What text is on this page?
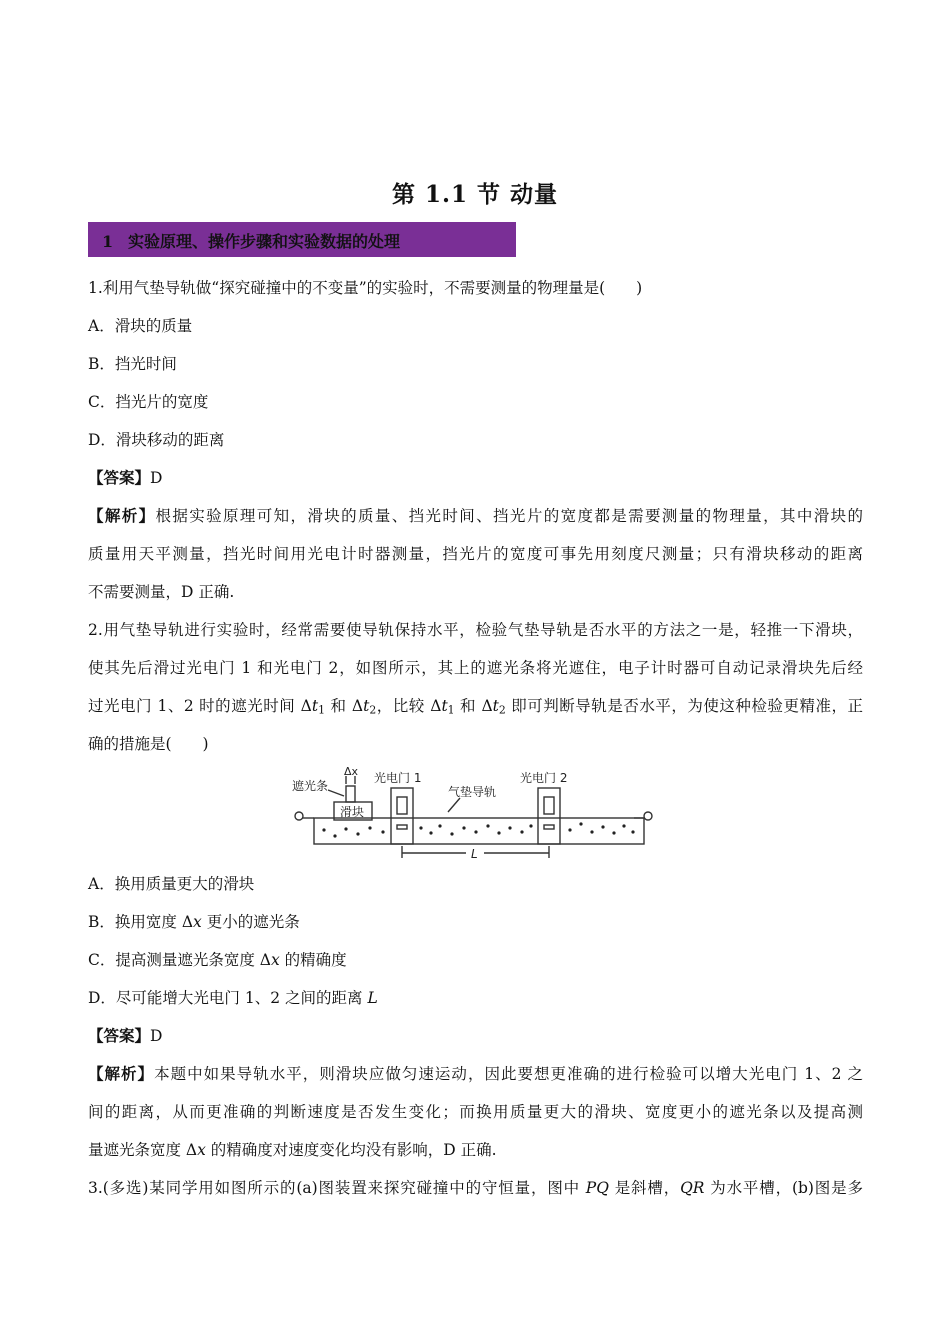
第 1.1 节 动量
1 实验原理、操作步骤和实验数据的处理
1.利用气垫导轨做“探究碰撞中的不变量”的实验时，不需要测量的物理量是(　　)
A．滑块的质量
B．挡光时间
C．挡光片的宽度
D．滑块移动的距离
【答案】D
【解析】根据实验原理可知，滑块的质量、挡光时间、挡光片的宽度都是需要测量的物理量，其中滑块的
质量用天平测量，挡光时间用光电计时器测量，挡光片的宽度可事先用刻度尺测量；只有滑块移动的距离
不需要测量，D 正确.
2.用气垫导轨进行实验时，经常需要使导轨保持水平，检验气垫导轨是否水平的方法之一是，轻推一下滑块，
使其先后滑过光电门 1 和光电门 2，如图所示，其上的遮光条将光遮住，电子计时器可自动记录滑块先后经
过光电门 1、2 时的遮光时间 Δt1 和 Δt2，比较 Δt1 和 Δt2 即可判断导轨是否水平，为使这种检验更精准，正
确的措施是(　　)
遮光条
Δx 光电门 1
气垫导轨
光电门 2
滑块
L
A．换用质量更大的滑块
B．换用宽度 Δx 更小的遮光条
C．提高测量遮光条宽度 Δx 的精确度
D．尽可能增大光电门 1、2 之间的距离 L
【答案】D
【解析】本题中如果导轨水平，则滑块应做匀速运动，因此要想更准确的进行检验可以增大光电门 1、2 之
间的距离，从而更准确的判断速度是否发生变化；而换用质量更大的滑块、宽度更小的遮光条以及提高测
量遮光条宽度 Δx 的精确度对速度变化均没有影响，D 正确.
3.(多选)某同学用如图所示的(a)图装置来探究碰撞中的守恒量，图中 PQ 是斜槽，QR 为水平槽，(b)图是多
